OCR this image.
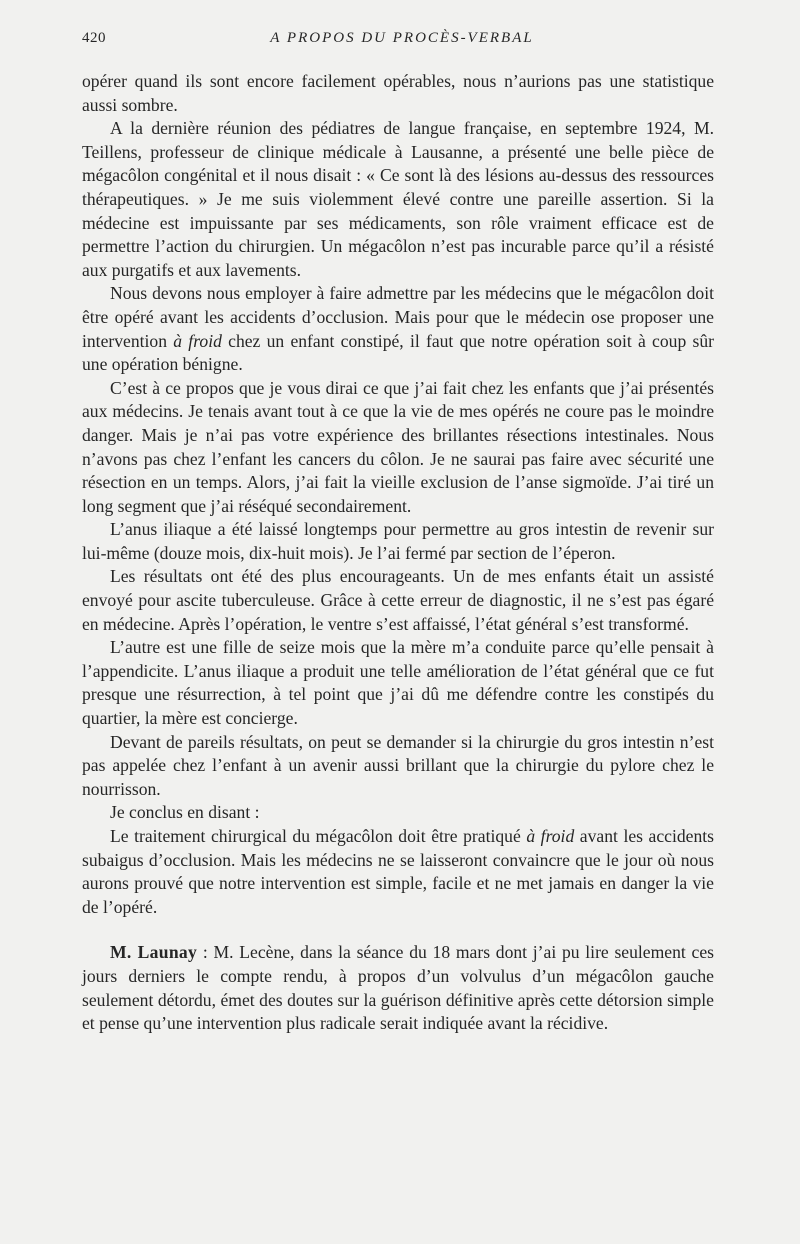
420	A PROPOS DU PROCÈS-VERBAL

opérer quand ils sont encore facilement opérables, nous n’aurions pas une statistique aussi sombre.

A la dernière réunion des pédiatres de langue française, en septembre 1924, M. Teillens, professeur de clinique médicale à Lausanne, a présenté une belle pièce de mégacôlon congénital et il nous disait : « Ce sont là des lésions au-dessus des ressources thérapeutiques. » Je me suis violemment élevé contre une pareille assertion. Si la médecine est impuissante par ses médicaments, son rôle vraiment efficace est de permettre l’action du chirurgien. Un mégacôlon n’est pas incurable parce qu’il a résisté aux purgatifs et aux lavements.

Nous devons nous employer à faire admettre par les médecins que le mégacôlon doit être opéré avant les accidents d’occlusion. Mais pour que le médecin ose proposer une intervention à froid chez un enfant constipé, il faut que notre opération soit à coup sûr une opération bénigne.

C’est à ce propos que je vous dirai ce que j’ai fait chez les enfants que j’ai présentés aux médecins. Je tenais avant tout à ce que la vie de mes opérés ne coure pas le moindre danger. Mais je n’ai pas votre expérience des brillantes résections intestinales. Nous n’avons pas chez l’enfant les cancers du côlon. Je ne saurai pas faire avec sécurité une résection en un temps. Alors, j’ai fait la vieille exclusion de l’anse sigmoïde. J’ai tiré un long segment que j’ai réséqué secondairement.

L’anus iliaque a été laissé longtemps pour permettre au gros intestin de revenir sur lui-même (douze mois, dix-huit mois). Je l’ai fermé par section de l’éperon.

Les résultats ont été des plus encourageants. Un de mes enfants était un assisté envoyé pour ascite tuberculeuse. Grâce à cette erreur de diagnostic, il ne s’est pas égaré en médecine. Après l’opération, le ventre s’est affaissé, l’état général s’est transformé.

L’autre est une fille de seize mois que la mère m’a conduite parce qu’elle pensait à l’appendicite. L’anus iliaque a produit une telle amélioration de l’état général que ce fut presque une résurrection, à tel point que j’ai dû me défendre contre les constipés du quartier, la mère est concierge.

Devant de pareils résultats, on peut se demander si la chirurgie du gros intestin n’est pas appelée chez l’enfant à un avenir aussi brillant que la chirurgie du pylore chez le nourrisson.

Je conclus en disant :

Le traitement chirurgical du mégacôlon doit être pratiqué à froid avant les accidents subaigus d’occlusion. Mais les médecins ne se laisseront convaincre que le jour où nous aurons prouvé que notre intervention est simple, facile et ne met jamais en danger la vie de l’opéré.

M. Launay : M. Lecène, dans la séance du 18 mars dont j’ai pu lire seulement ces jours derniers le compte rendu, à propos d’un volvulus d’un mégacôlon gauche seulement détordu, émet des doutes sur la guérison définitive après cette détorsion simple et pense qu’une intervention plus radicale serait indiquée avant la récidive.
